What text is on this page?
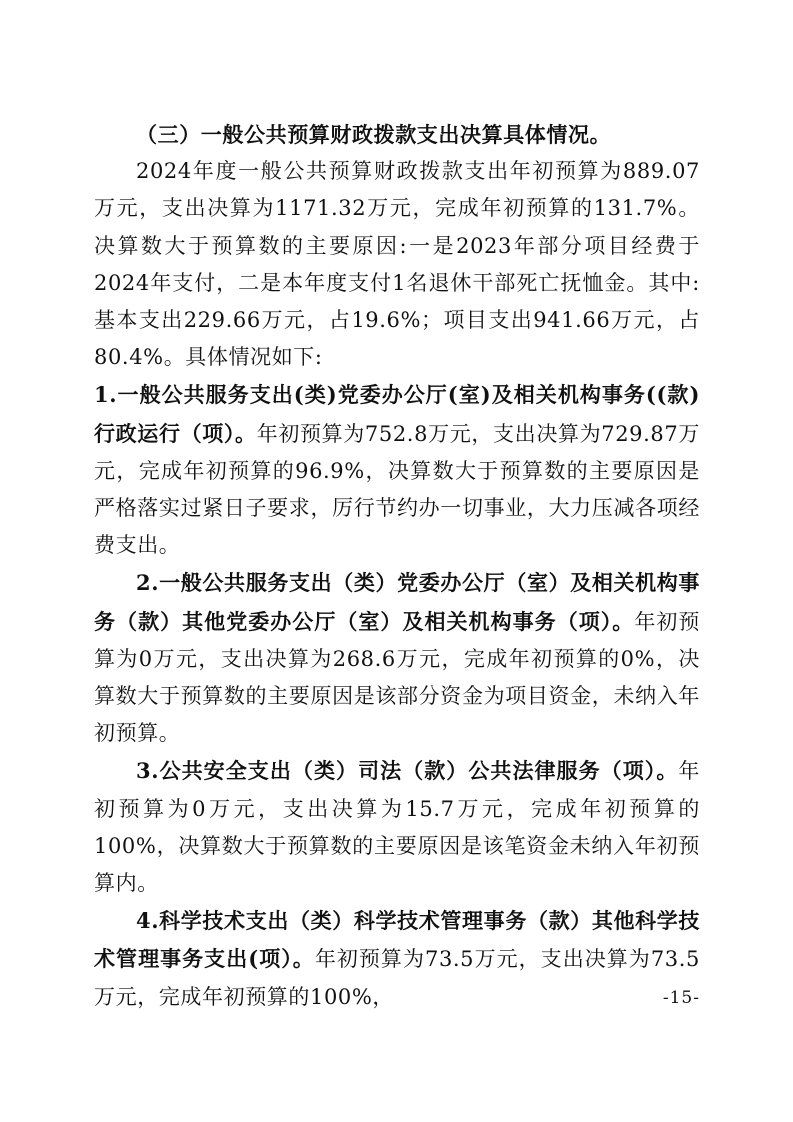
（三）一般公共预算财政拨款支出决算具体情况。

2024年度一般公共预算财政拨款支出年初预算为889.07万元，支出决算为1171.32万元，完成年初预算的131.7%。决算数大于预算数的主要原因:一是2023年部分项目经费于2024年支付，二是本年度支付1名退休干部死亡抚恤金。其中:基本支出229.66万元，占19.6%；项目支出941.66万元，占80.4%。具体情况如下:

1.一般公共服务支出(类)党委办公厅(室)及相关机构事务((款)行政运行（项）。年初预算为752.8万元，支出决算为729.87万元，完成年初预算的96.9%，决算数大于预算数的主要原因是严格落实过紧日子要求，厉行节约办一切事业，大力压减各项经费支出。

2.一般公共服务支出（类）党委办公厅（室）及相关机构事务（款）其他党委办公厅（室）及相关机构事务（项）。年初预算为0万元，支出决算为268.6万元，完成年初预算的0%，决算数大于预算数的主要原因是该部分资金为项目资金，未纳入年初预算。

3.公共安全支出（类）司法（款）公共法律服务（项）。年初预算为0万元，支出决算为15.7万元，完成年初预算的100%，决算数大于预算数的主要原因是该笔资金未纳入年初预算内。

4.科学技术支出（类）科学技术管理事务（款）其他科学技术管理事务支出(项）。年初预算为73.5万元，支出决算为73.5万元，完成年初预算的100%，	-15-
